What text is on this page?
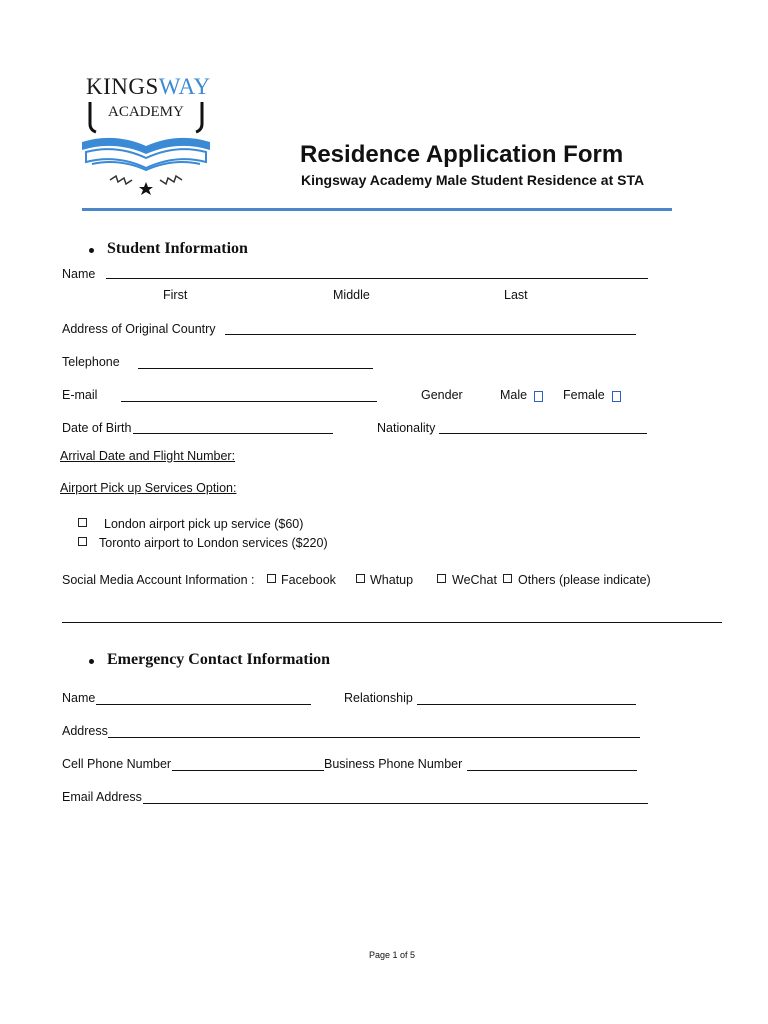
KINGSWAY
ACADEMY
Residence Application Form
Kingsway Academy Male Student Residence at STA
Student Information
Name
First	Middle	Last
Address of Original Country
Telephone
E-mail	Gender	Male	Female
Date of Birth	Nationality
Arrival Date and Flight Number:
Airport Pick up Services Option:
London airport pick up service ($60)
Toronto airport to London services ($220)
Social Media Account Information : Facebook	Whatup	WeChat Others (please indicate)
Emergency Contact Information
Name	Relationship
Address
Cell Phone Number	Business Phone Number
Email Address
Page 1 of 5
